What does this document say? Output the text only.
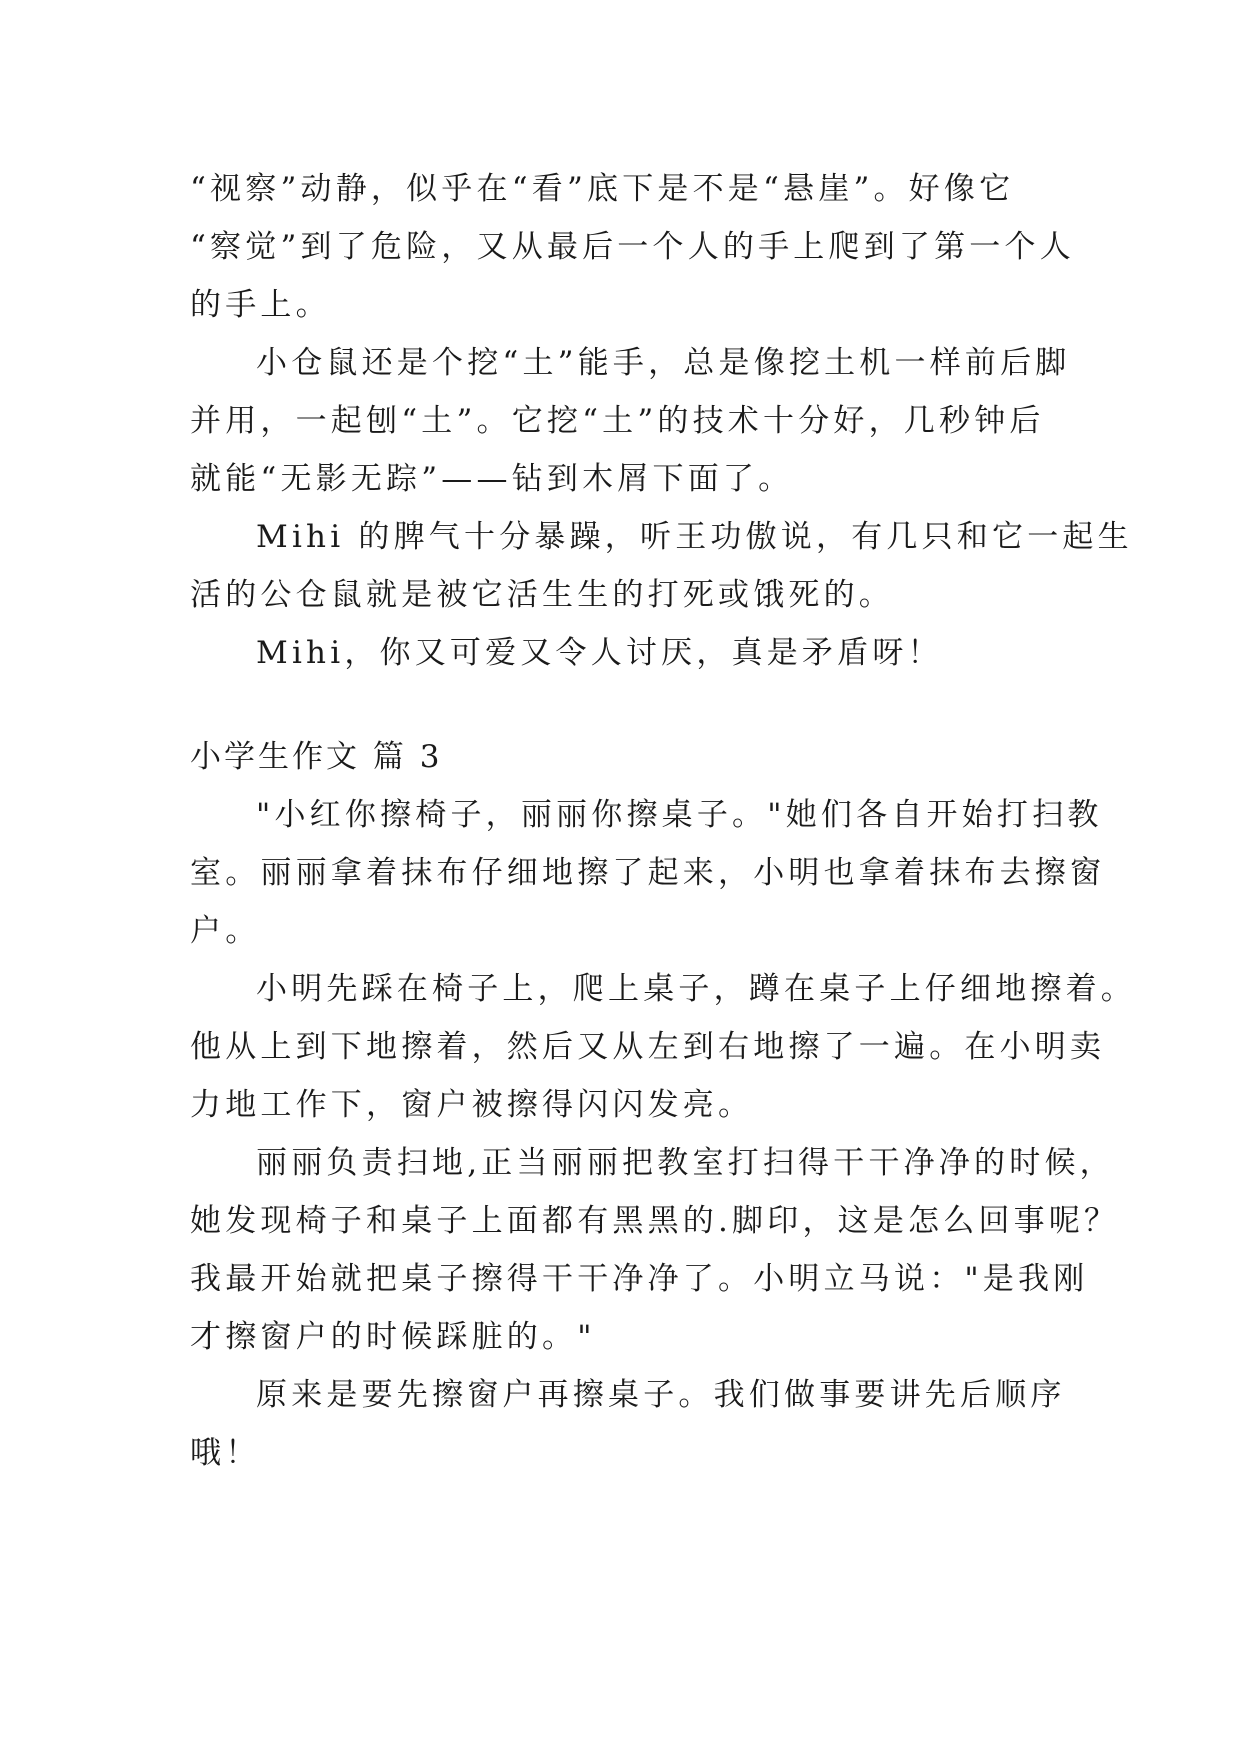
“视察”动静，似乎在“看”底下是不是“悬崖”。好像它
“察觉”到了危险，又从最后一个人的手上爬到了第一个人
的手上。
小仓鼠还是个挖“土”能手，总是像挖土机一样前后脚
并用，一起刨“土”。它挖“土”的技术十分好，几秒钟后
就能“无影无踪”——钻到木屑下面了。
Mihi 的脾气十分暴躁，听王功傲说，有几只和它一起生
活的公仓鼠就是被它活生生的打死或饿死的。
Mihi，你又可爱又令人讨厌，真是矛盾呀！
小学生作文 篇 3
"小红你擦椅子，丽丽你擦桌子。"她们各自开始打扫教
室。丽丽拿着抹布仔细地擦了起来，小明也拿着抹布去擦窗
户。
小明先踩在椅子上，爬上桌子，蹲在桌子上仔细地擦着。
他从上到下地擦着，然后又从左到右地擦了一遍。在小明卖
力地工作下，窗户被擦得闪闪发亮。
丽丽负责扫地,正当丽丽把教室打扫得干干净净的时候，
她发现椅子和桌子上面都有黑黑的.脚印，这是怎么回事呢？
我最开始就把桌子擦得干干净净了。小明立马说："是我刚
才擦窗户的时候踩脏的。"
原来是要先擦窗户再擦桌子。我们做事要讲先后顺序
哦！
